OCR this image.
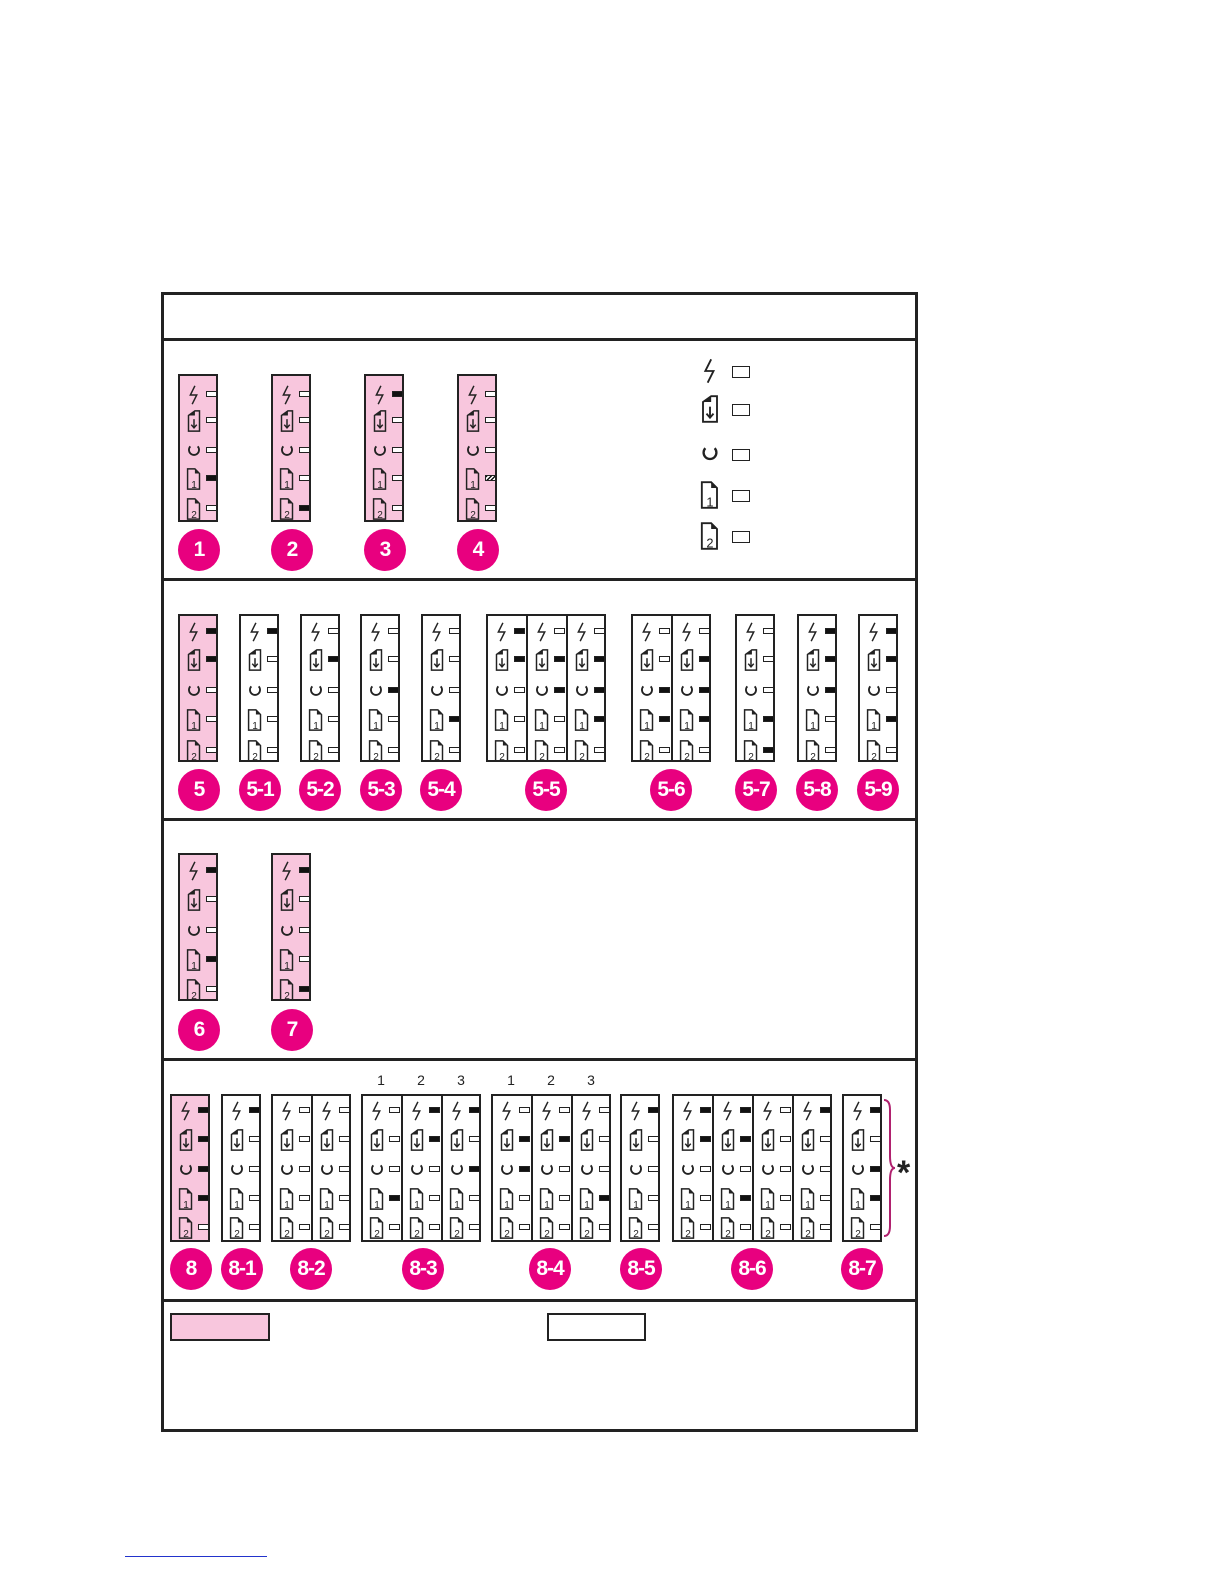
1
2
1
2
1
1
2
2
1
2
3
1
2
4
1
2
5
1
2
5-1
1
2
5-2
1
2
5-3
1
2
5-4
1
2
1
2
1
2
5-5
1
2
1
2
5-6
1
2
5-7
1
2
5-8
1
2
5-9
1
2
6
1
2
7
1
2
8
1
2
8-1
1
2
1
2
8-2
1
2
1
2
1
2
1	2	3
8-3
1
2
1
2
1
2
1	2	3
8-4
1
2
8-5
1
2
1
2
1
2
1
2
8-6
1
2
8-7
*
